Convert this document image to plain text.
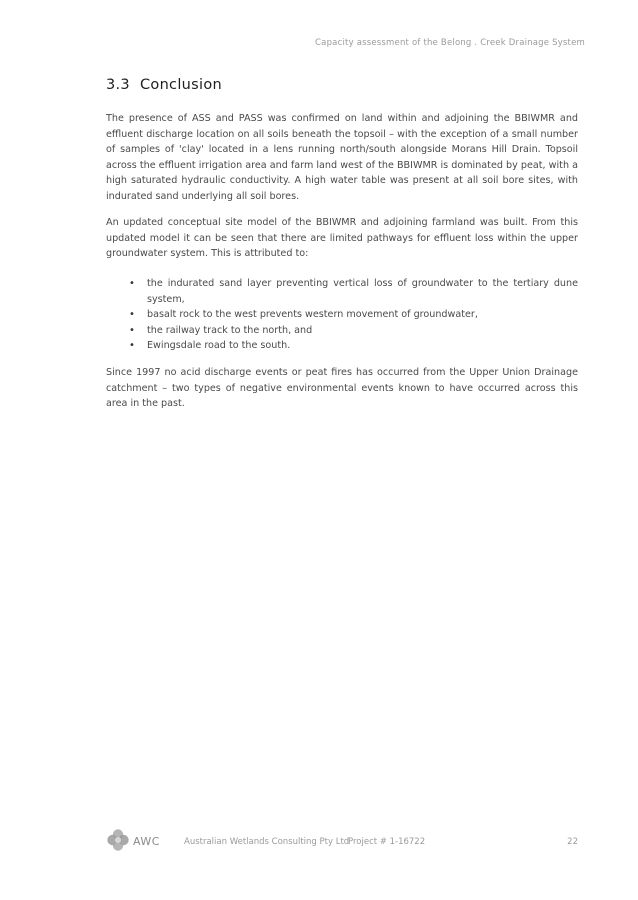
Capacity assessment of the Belong . Creek Drainage System
3.3 Conclusion

The presence of ASS and PASS was confirmed on land within and adjoining the BBIWMR and effluent discharge location on all soils beneath the topsoil – with the exception of a small number of samples of 'clay' located in a lens running north/south alongside Morans Hill Drain. Topsoil across the effluent irrigation area and farm land west of the BBIWMR is dominated by peat, with a high saturated hydraulic conductivity. A high water table was present at all soil bore sites, with indurated sand underlying all soil bores.

An updated conceptual site model of the BBIWMR and adjoining farmland was built. From this updated model it can be seen that there are limited pathways for effluent loss within the upper groundwater system. This is attributed to:

• the indurated sand layer preventing vertical loss of groundwater to the tertiary dune system,
• basalt rock to the west prevents western movement of groundwater,
• the railway track to the north, and
• Ewingsdale road to the south.

Since 1997 no acid discharge events or peat fires has occurred from the Upper Union Drainage catchment – two types of negative environmental events known to have occurred across this area in the past.

AWC	Australian Wetlands Consulting Pty Ltd
Project # 1-16722	22
